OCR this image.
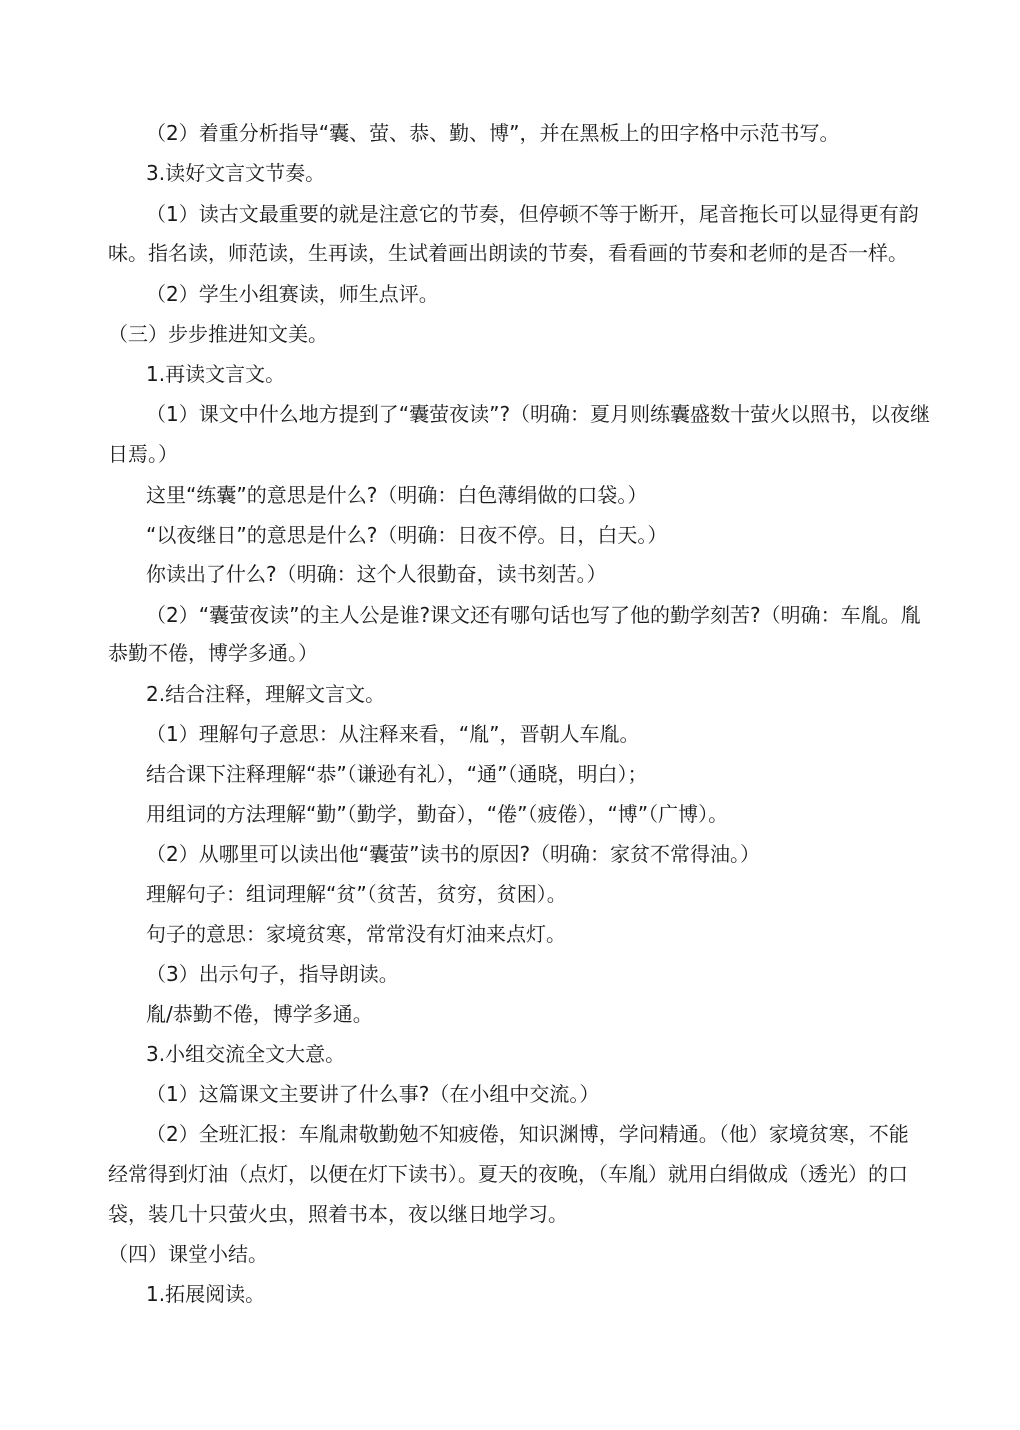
（2）着重分析指导“囊、萤、恭、勤、博”，并在黑板上的田字格中示范书写。
3.读好文言文节奏。
（1）读古文最重要的就是注意它的节奏，但停顿不等于断开，尾音拖长可以显得更有韵
味。指名读，师范读，生再读，生试着画出朗读的节奏，看看画的节奏和老师的是否一样。
（2）学生小组赛读，师生点评。
（三）步步推进知文美。
1.再读文言文。
（1）课文中什么地方提到了“囊萤夜读”?（明确：夏月则练囊盛数十萤火以照书，以夜继
日焉。）
这里“练囊”的意思是什么?（明确：白色薄绢做的口袋。）
“以夜继日”的意思是什么?（明确：日夜不停。日，白天。）
你读出了什么?（明确：这个人很勤奋，读书刻苦。）
（2）“囊萤夜读”的主人公是谁?课文还有哪句话也写了他的勤学刻苦?（明确：车胤。胤
恭勤不倦，博学多通。）
2.结合注释，理解文言文。
（1）理解句子意思：从注释来看，“胤”，晋朝人车胤。
结合课下注释理解“恭”（谦逊有礼），“通”（通晓，明白）；
用组词的方法理解“勤”（勤学，勤奋），“倦”（疲倦），“博”（广博）。
（2）从哪里可以读出他“囊萤”读书的原因?（明确：家贫不常得油。）
理解句子：组词理解“贫”（贫苦，贫穷，贫困）。
句子的意思：家境贫寒，常常没有灯油来点灯。
（3）出示句子，指导朗读。
胤/恭勤不倦，博学多通。
3.小组交流全文大意。
（1）这篇课文主要讲了什么事?（在小组中交流。）
（2）全班汇报：车胤肃敬勤勉不知疲倦，知识渊博，学问精通。（他）家境贫寒，不能
经常得到灯油（点灯，以便在灯下读书）。夏天的夜晚，（车胤）就用白绢做成（透光）的口
袋，装几十只萤火虫，照着书本，夜以继日地学习。
（四）课堂小结。
1.拓展阅读。
